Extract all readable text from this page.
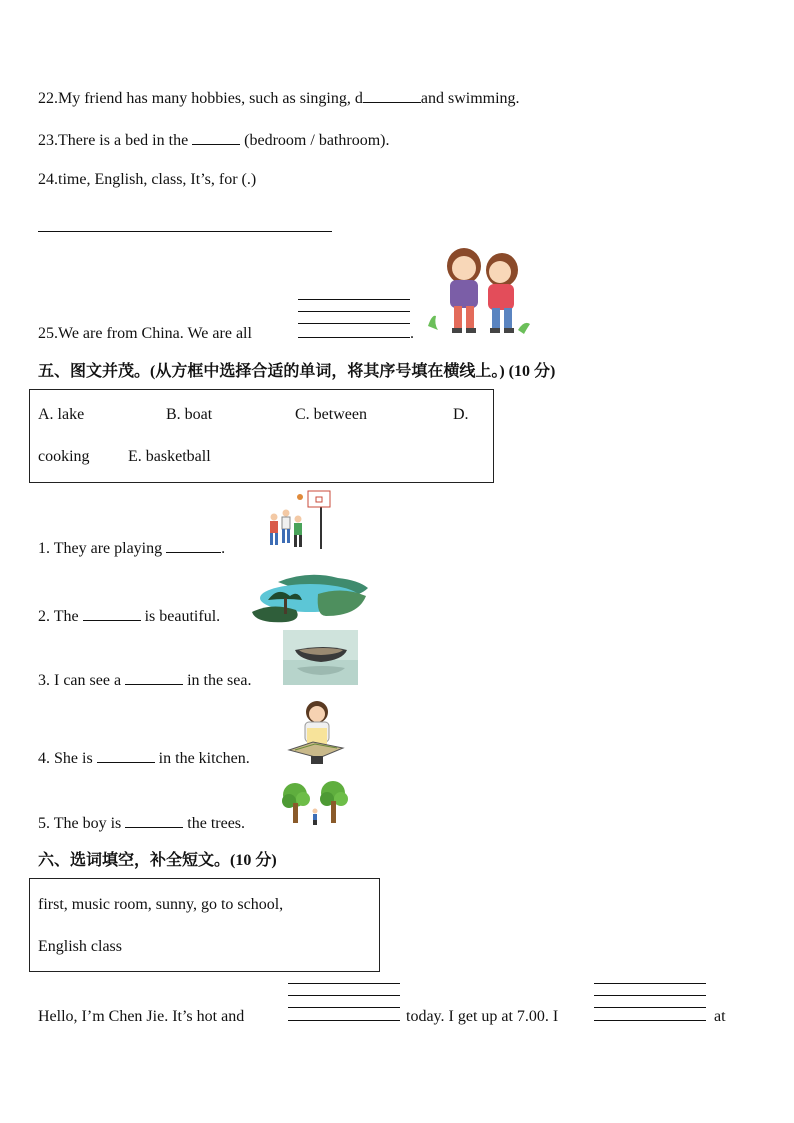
22.My friend has many hobbies, such as singing, d	and swimming.
23.There is a bed in the	(bedroom / bathroom).
24.time, English, class, It’s, for (.)
25.We are from China. We are all	.
五、图文并茂。(从方框中选择合适的单词，将其序号填在横线上。) (10 分)
A. lake	B. boat	C. between	D.
cooking E. basketball
1. They are playing	.
2. The	is beautiful.
3. I can see a	in the sea.
4. She is	in the kitchen.
5. The boy is	the trees.
六、选词填空，补全短文。(10 分)
first, music room, sunny, go to school,
English class
Hello, I’m Chen Jie. It’s hot and	today. I get up at 7.00. I	at
